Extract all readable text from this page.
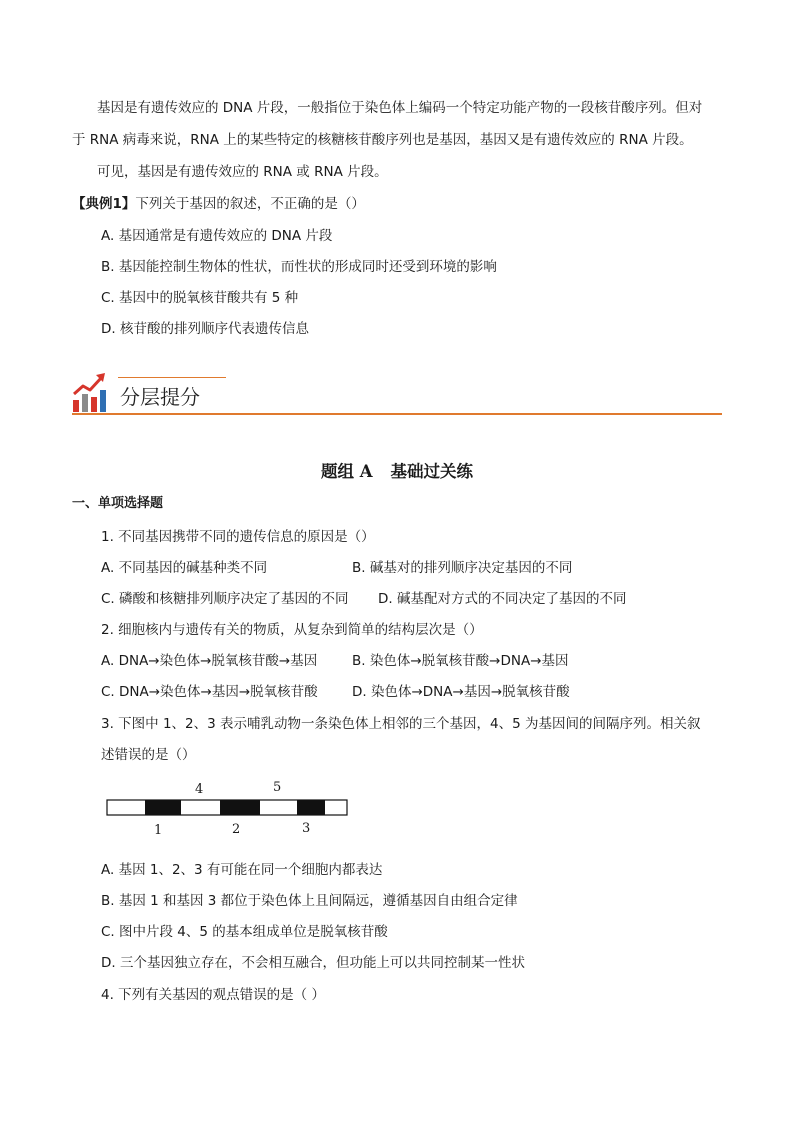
基因是有遗传效应的 DNA 片段，一般指位于染色体上编码一个特定功能产物的一段核苷酸序列。但对
于 RNA 病毒来说，RNA 上的某些特定的核糖核苷酸序列也是基因，基因又是有遗传效应的 RNA 片段。
可见，基因是有遗传效应的 RNA 或 RNA 片段。
【典例1】下列关于基因的叙述，不正确的是（）
A. 基因通常是有遗传效应的 DNA 片段
B. 基因能控制生物体的性状，而性状的形成同时还受到环境的影响
C. 基因中的脱氧核苷酸共有 5 种
D. 核苷酸的排列顺序代表遗传信息
分层提分
题组 A 基础过关练
一、单项选择题
1. 不同基因携带不同的遗传信息的原因是（）
A. 不同基因的碱基种类不同	B. 碱基对的排列顺序决定基因的不同
C. 磷酸和核糖排列顺序决定了基因的不同 D. 碱基配对方式的不同决定了基因的不同
2. 细胞核内与遗传有关的物质，从复杂到简单的结构层次是（）
A. DNA→染色体→脱氧核苷酸→基因	B. 染色体→脱氧核苷酸→DNA→基因
C. DNA→染色体→基因→脱氧核苷酸	D. 染色体→DNA→基因→脱氧核苷酸
3. 下图中 1、2、3 表示哺乳动物一条染色体上相邻的三个基因，4、5 为基因间的间隔序列。相关叙
述错误的是（）
4	5
1	2	3
A. 基因 1、2、3 有可能在同一个细胞内都表达
B. 基因 1 和基因 3 都位于染色体上且间隔远，遵循基因自由组合定律
C. 图中片段 4、5 的基本组成单位是脱氧核苷酸
D. 三个基因独立存在，不会相互融合，但功能上可以共同控制某一性状
4. 下列有关基因的观点错误的是（ ）
